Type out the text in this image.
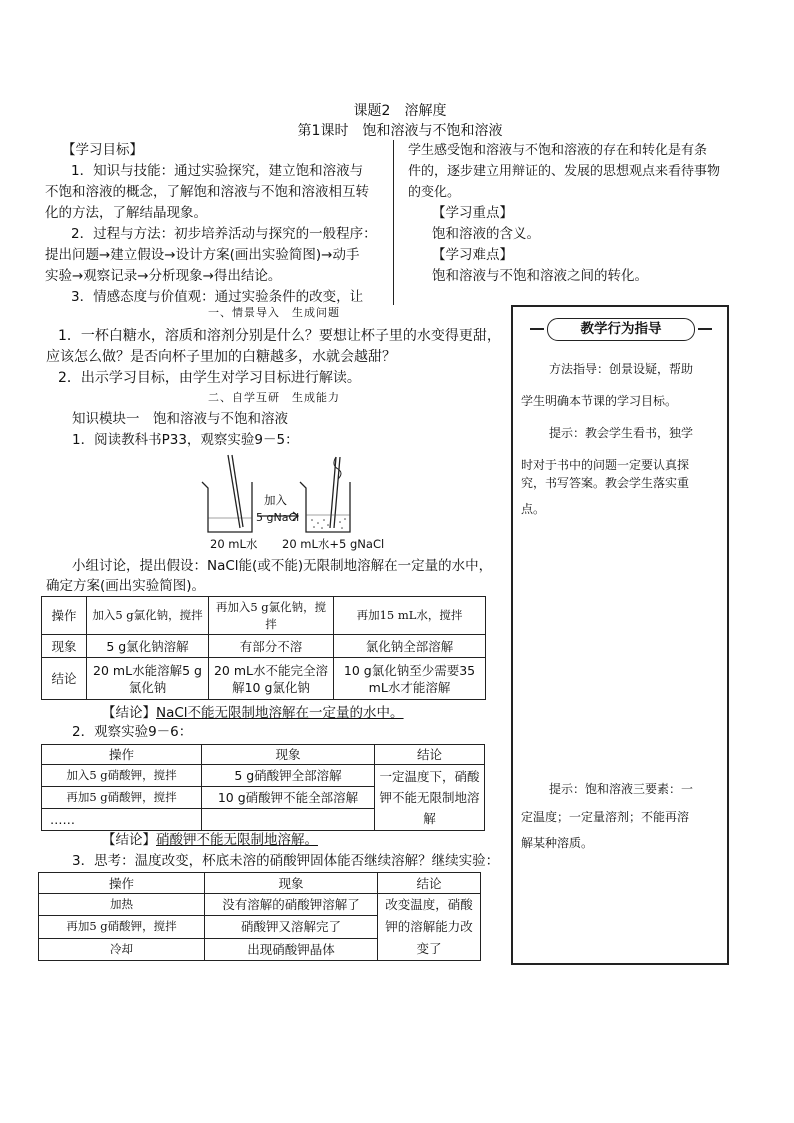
课题2　溶解度
第1课时　饱和溶液与不饱和溶液
【学习目标】
1．知识与技能：通过实验探究，建立饱和溶液与
不饱和溶液的概念，了解饱和溶液与不饱和溶液相互转
化的方法，了解结晶现象。
2．过程与方法：初步培养活动与探究的一般程序：
提出问题→建立假设→设计方案(画出实验简图)→动手
实验→观察记录→分析现象→得出结论。
3．情感态度与价值观：通过实验条件的改变，让
学生感受饱和溶液与不饱和溶液的存在和转化是有条
件的，逐步建立用辩证的、发展的思想观点来看待事物
的变化。
【学习重点】
饱和溶液的含义。
【学习难点】
饱和溶液与不饱和溶液之间的转化。
一、情景导入　生成问题
1．一杯白糖水，溶质和溶剂分别是什么？要想让杯子里的水变得更甜，
应该怎么做？是否向杯子里加的白糖越多，水就会越甜？
2．出示学习目标，由学生对学习目标进行解读。
二、自学互研　生成能力
知识模块一　饱和溶液与不饱和溶液
1．阅读教科书P33，观察实验9－5：
加入
5 gNaCl
20 mL水 20 mL水+5 gNaCl
小组讨论，提出假设：NaCl能(或不能)无限制地溶解在一定量的水中，
确定方案(画出实验简图)。
操作	加入5 g氯化钠，搅拌	再加入5 g氯化钠，搅拌	再加15 mL水，搅拌
现象	5 g氯化钠溶解	有部分不溶	氯化钠全部溶解
结论	20 mL水能溶解5 g氯化钠	20 mL水不能完全溶解10 g氯化钠	10 g氯化钠至少需要35 mL水才能溶解
【结论】NaCl不能无限制地溶解在一定量的水中。
2．观察实验9－6：
操作	现象	结论
加入5 g硝酸钾，搅拌	5 g硝酸钾全部溶解	一定温度下，硝酸钾不能无限制地溶解
再加5 g硝酸钾，搅拌	10 g硝酸钾不能全部溶解	
……		
【结论】硝酸钾不能无限制地溶解。
3．思考：温度改变，杯底未溶的硝酸钾固体能否继续溶解？继续实验：
操作	现象	结论
加热	没有溶解的硝酸钾溶解了	改变温度，硝酸钾的溶解能力改变了
再加5 g硝酸钾，搅拌	硝酸钾又溶解完了	
冷却	出现硝酸钾晶体	
教学行为指导
方法指导：创景设疑，帮助
学生明确本节课的学习目标。
提示：教会学生看书，独学
时对于书中的问题一定要认真探
究，书写答案。教会学生落实重
点。
提示：饱和溶液三要素：一
定温度；一定量溶剂；不能再溶
解某种溶质。
